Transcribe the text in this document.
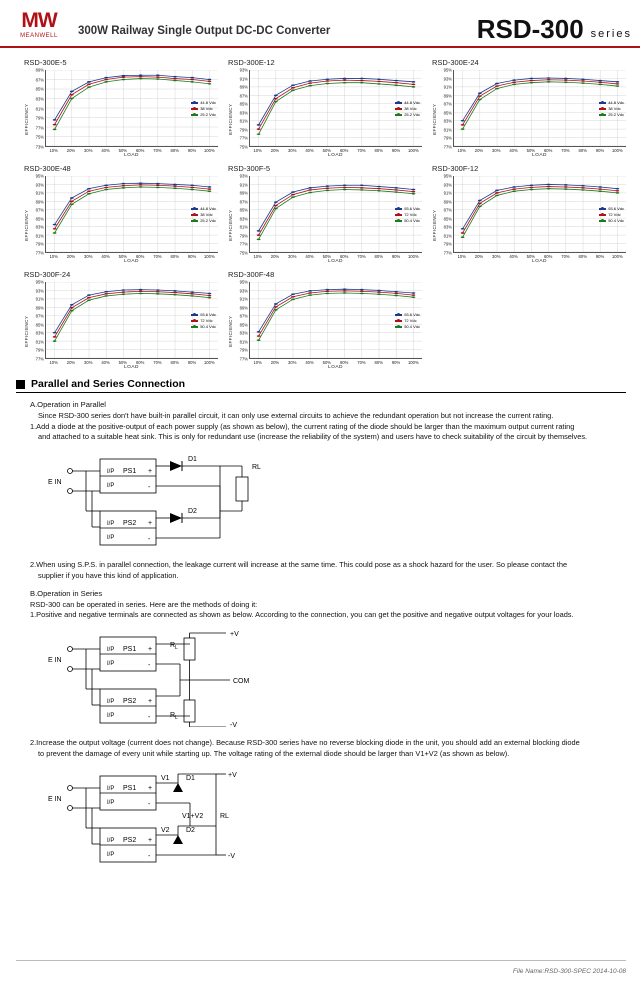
MW
MEANWELL 300W Railway Single Output DC-DC Converter	RSD-300 series
RSD-300E-5
EFFICIENCY
89%
87%
85%
83%
81%
79%
77%
75%
73%
44.8 Vdc
38 Vdc
25.2 Vdc
10%	20%	30%	40%	50%	60%	70%	80%	90%	100%
LOAD
RSD-300E-12
EFFICIENCY
93%
91%
89%
87%
85%
83%
81%
79%
77%
75%
44.8 Vdc
38 Vdc
25.2 Vdc
10%	20%	30%	40%	50%	60%	70%	80%	90%	100%
LOAD
RSD-300E-24
EFFICIENCY
95%
93%
91%
89%
87%
85%
83%
81%
79%
77%
44.8 Vdc
38 Vdc
25.2 Vdc
10%	20%	30%	40%	50%	60%	70%	80%	90%	100%
LOAD
RSD-300E-48
EFFICIENCY
95%
93%
91%
89%
87%
85%
83%
81%
79%
77%
44.8 Vdc
38 Vdc
25.2 Vdc
10%	20%	30%	40%	50%	60%	70%	80%	90%	100%
LOAD
RSD-300F-5
EFFICIENCY
93%
91%
89%
87%
85%
83%
81%
79%
77%
75%
93.6 Vdc
72 Vdc
50.4 Vdc
10%	20%	30%	40%	50%	60%	70%	80%	90%	100%
LOAD
RSD-300F-12
EFFICIENCY
95%
93%
91%
89%
87%
85%
83%
81%
79%
77%
93.6 Vdc
72 Vdc
50.4 Vdc
10%	20%	30%	40%	50%	60%	70%	80%	90%	100%
LOAD
RSD-300F-24
EFFICIENCY
95%
93%
91%
89%
87%
85%
83%
81%
79%
77%
93.6 Vdc
72 Vdc
50.4 Vdc
10%	20%	30%	40%	50%	60%	70%	80%	90%	100%
LOAD
RSD-300F-48
EFFICIENCY
95%
93%
91%
89%
87%
85%
83%
81%
79%
77%
93.6 Vdc
72 Vdc
50.4 Vdc
10%	20%	30%	40%	50%	60%	70%	80%	90%	100%
LOAD
Parallel and Series Connection
A.Operation in Parallel
Since RSD-300 series don't have built-in parallel circuit, it can only use external circuits to achieve the redundant operation but not increase the current rating.
1.Add a diode at the positive-output of each power supply (as shown as below), the current rating of the diode should be larger than the maximum output current rating
and attached to a suitable heat sink. This is only for redundant use (increase the reliability of the system) and users have to check suitability of the circuit by themselves.
E IN
PS1
PS2
I/P
I/P
I/P
I/P
+
-
+
-
D1
D2
RL
2.When using S.P.S. in parallel connection, the leakage current will increase at the same time. This could pose as a shock hazard for the user. So please contact the
supplier if you have this kind of application.
B.Operation in Series
RSD-300 can be operated in series. Here are the methods of doing it:
1.Positive and negative terminals are connected as shown as below. According to the connection, you can get the positive and negative output voltages for your loads.
E IN
PS1
PS2
I/P
I/P
I/P
I/P
+
-
+
-
R L
R L
+V
COM
-V
2.Increase the output voltage (current does not change). Because RSD-300 series have no reverse blocking diode in the unit, you should add an external blocking diode
to prevent the damage of every unit while starting up. The voltage rating of the external diode should be larger than V1+V2 (as shown as below).
E IN
PS1
PS2
I/P
I/P
I/P
I/P
+
-
+
-
V1
V2
D1
D2
V1+V2 RL
+V
-V
File Name:RSD-300-SPEC 2014-10-08
